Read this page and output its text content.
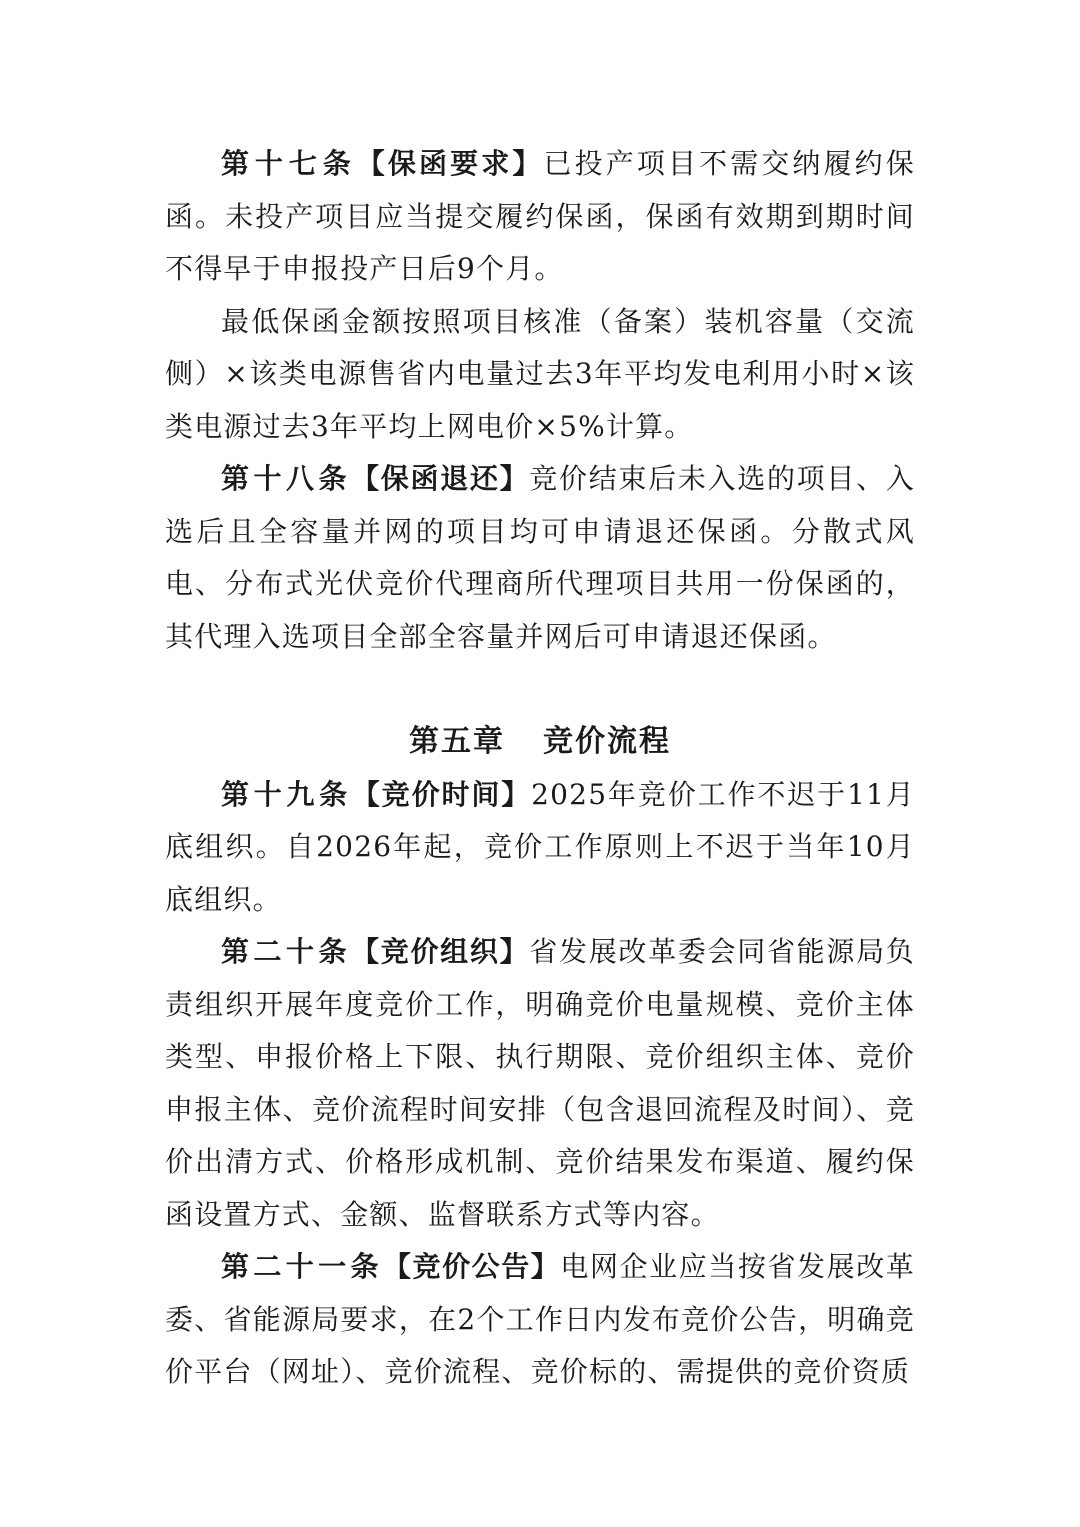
第十七条【保函要求】已投产项目不需交纳履约保函。未投产项目应当提交履约保函，保函有效期到期时间不得早于申报投产日后9个月。

最低保函金额按照项目核准（备案）装机容量（交流侧）×该类电源售省内电量过去3年平均发电利用小时×该类电源过去3年平均上网电价×5%计算。

第十八条【保函退还】竞价结束后未入选的项目、入选后且全容量并网的项目均可申请退还保函。分散式风电、分布式光伏竞价代理商所代理项目共用一份保函的，其代理入选项目全部全容量并网后可申请退还保函。

第五章 竞价流程

第十九条【竞价时间】2025年竞价工作不迟于11月底组织。自2026年起，竞价工作原则上不迟于当年10月底组织。

第二十条【竞价组织】省发展改革委会同省能源局负责组织开展年度竞价工作，明确竞价电量规模、竞价主体类型、申报价格上下限、执行期限、竞价组织主体、竞价申报主体、竞价流程时间安排（包含退回流程及时间）、竞价出清方式、价格形成机制、竞价结果发布渠道、履约保函设置方式、金额、监督联系方式等内容。

第二十一条【竞价公告】电网企业应当按省发展改革委、省能源局要求，在2个工作日内发布竞价公告，明确竞价平台（网址）、竞价流程、竞价标的、需提供的竞价资质
